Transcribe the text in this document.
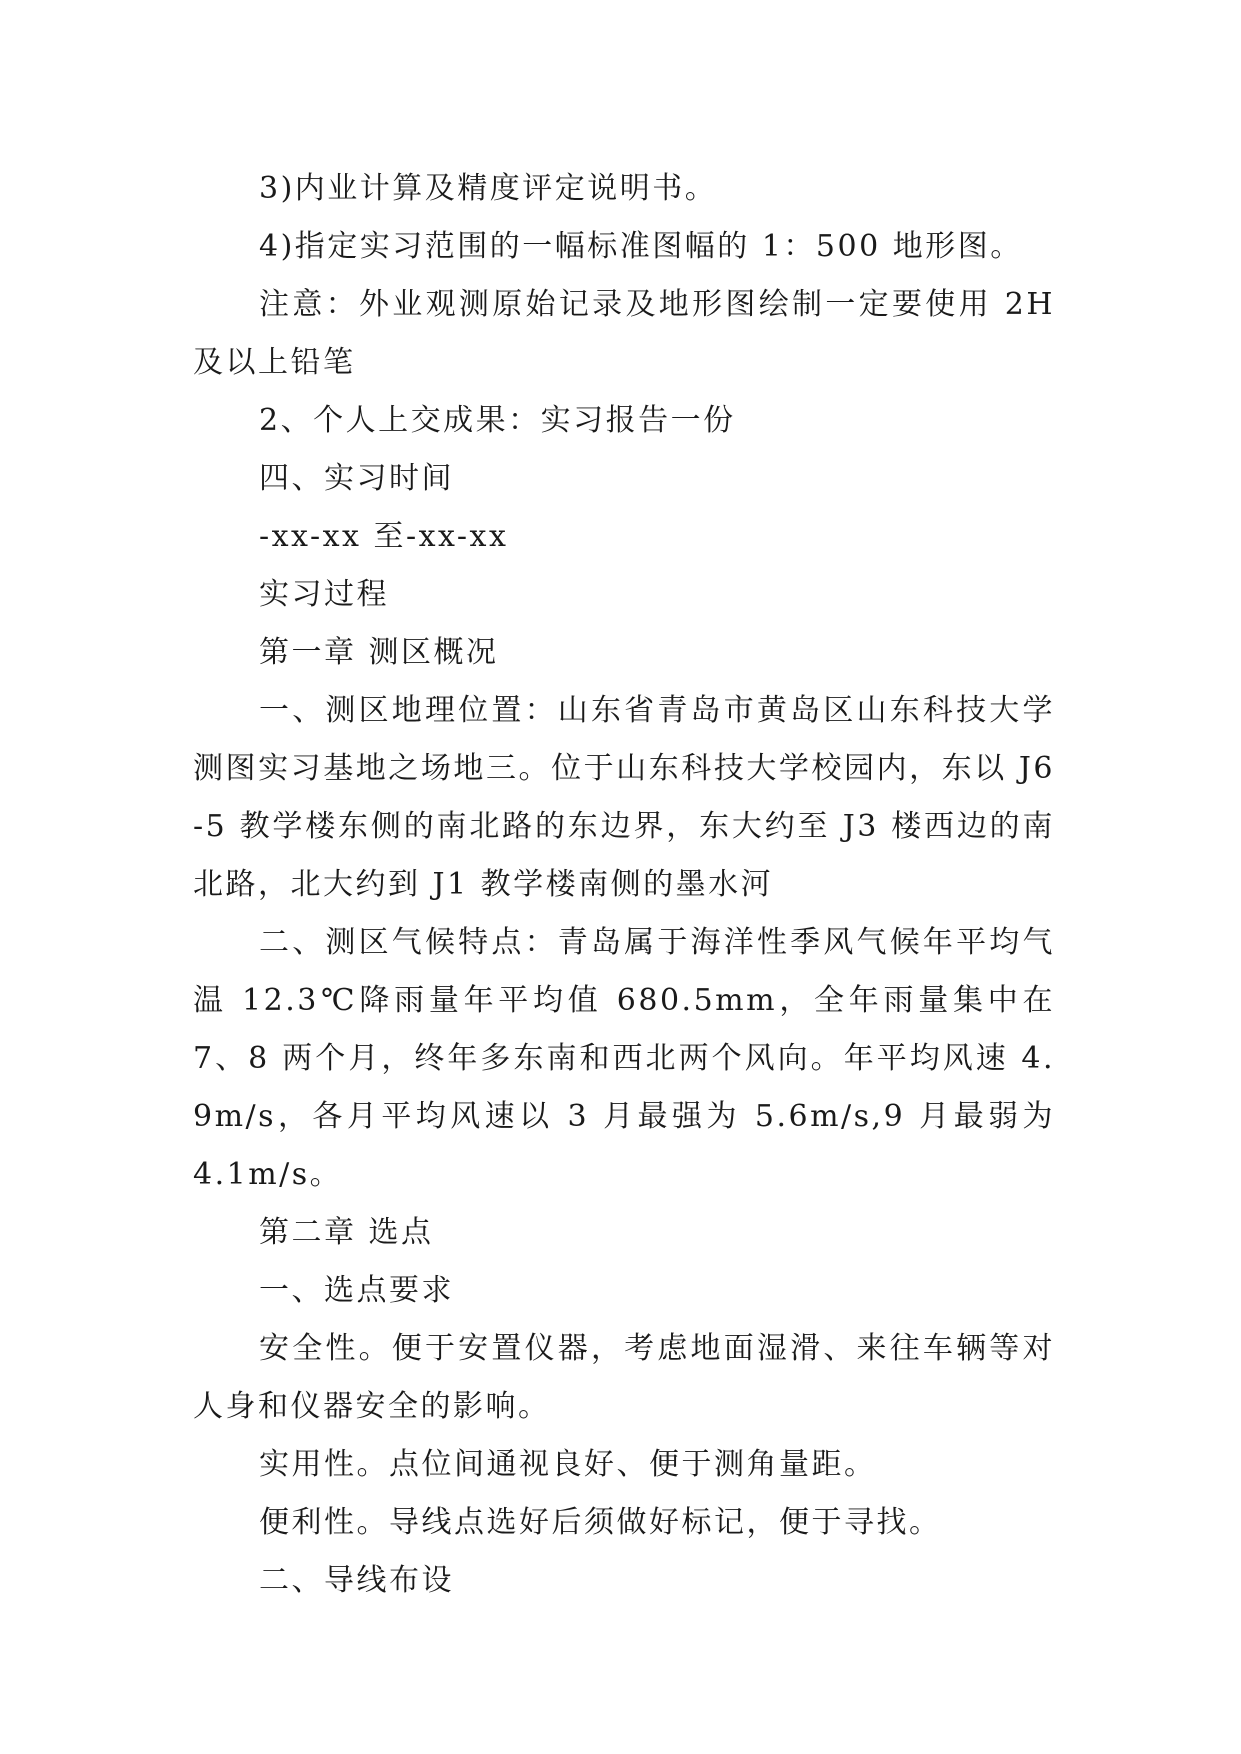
3)内业计算及精度评定说明书。

4)指定实习范围的一幅标准图幅的 1：500 地形图。

注意：外业观测原始记录及地形图绘制一定要使用 2H 及以上铅笔

2、个人上交成果：实习报告一份

四、实习时间

-xx-xx 至-xx-xx

实习过程

第一章 测区概况

一、测区地理位置：山东省青岛市黄岛区山东科技大学测图实习基地之场地三。位于山东科技大学校园内，东以 J6-5 教学楼东侧的南北路的东边界，东大约至 J3 楼西边的南北路，北大约到 J1 教学楼南侧的墨水河

二、测区气候特点：青岛属于海洋性季风气候年平均气温 12.3℃降雨量年平均值 680.5mm，全年雨量集中在 7、8 两个月，终年多东南和西北两个风向。年平均风速 4.9m/s，各月平均风速以 3 月最强为 5.6m/s,9 月最弱为 4.1m/s。

第二章 选点

一、选点要求

安全性。便于安置仪器，考虑地面湿滑、来往车辆等对人身和仪器安全的影响。

实用性。点位间通视良好、便于测角量距。

便利性。导线点选好后须做好标记，便于寻找。

二、导线布设
